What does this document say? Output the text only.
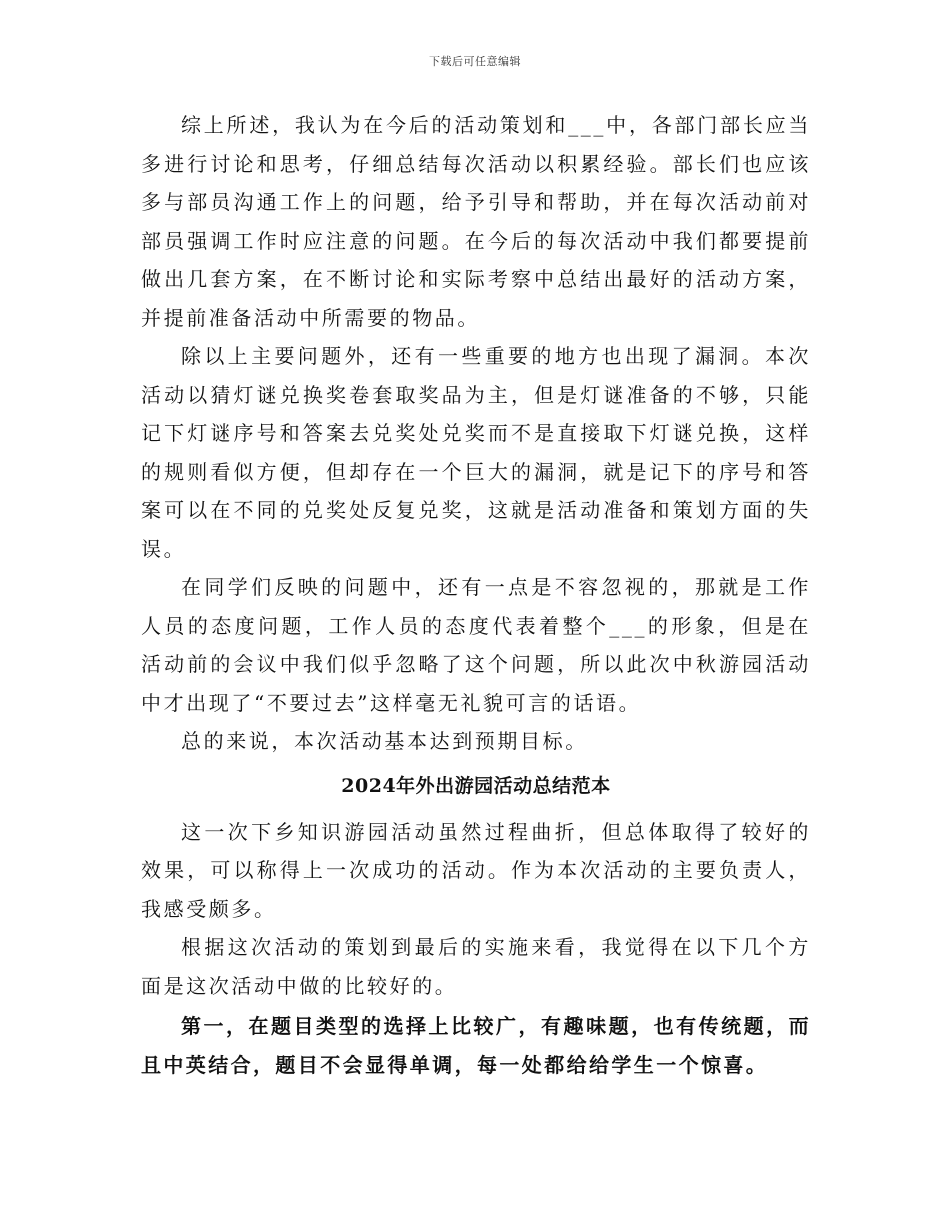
下载后可任意编辑

综上所述，我认为在今后的活动策划和___中，各部门部长应当多进行讨论和思考，仔细总结每次活动以积累经验。部长们也应该多与部员沟通工作上的问题，给予引导和帮助，并在每次活动前对部员强调工作时应注意的问题。在今后的每次活动中我们都要提前做出几套方案，在不断讨论和实际考察中总结出最好的活动方案，并提前准备活动中所需要的物品。

除以上主要问题外，还有一些重要的地方也出现了漏洞。本次活动以猜灯谜兑换奖卷套取奖品为主，但是灯谜准备的不够，只能记下灯谜序号和答案去兑奖处兑奖而不是直接取下灯谜兑换，这样的规则看似方便，但却存在一个巨大的漏洞，就是记下的序号和答案可以在不同的兑奖处反复兑奖，这就是活动准备和策划方面的失误。

在同学们反映的问题中，还有一点是不容忽视的，那就是工作人员的态度问题，工作人员的态度代表着整个___的形象，但是在活动前的会议中我们似乎忽略了这个问题，所以此次中秋游园活动中才出现了“不要过去”这样毫无礼貌可言的话语。

总的来说，本次活动基本达到预期目标。

2024年外出游园活动总结范本

这一次下乡知识游园活动虽然过程曲折，但总体取得了较好的效果，可以称得上一次成功的活动。作为本次活动的主要负责人，我感受颇多。

根据这次活动的策划到最后的实施来看，我觉得在以下几个方面是这次活动中做的比较好的。

第一，在题目类型的选择上比较广，有趣味题，也有传统题，而且中英结合，题目不会显得单调，每一处都给给学生一个惊喜。
